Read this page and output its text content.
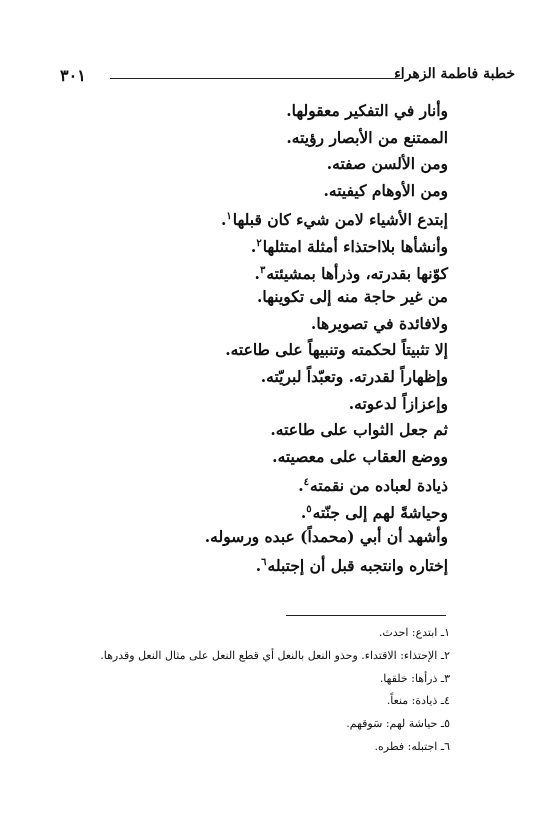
٣٠١	خطبة فاطمة الزهراء
وأنار في التفكير معقولها.
الممتنع من الأبصار رؤيته.
ومن الألسن صفته.
ومن الأوهام كيفيته.
إبتدع الأشياء لامن شيء كان قبلها$^١$.
وأنشأها بلااحتذاء أمثلة امتثلها$^٢$.
كوّنها بقدرته، وذرأها بمشيئته$^٣$.
من غير حاجة منه إلى تكوينها.
ولافائدة في تصويرها.
إلا تثبيتاً لحكمته وتنبيهاً على طاعته.
وإظهاراً لقدرته. وتعبّداً لبريّته.
وإعزازاً لدعوته.
ثم جعل الثواب على طاعته.
ووضع العقاب على معصيته.
ذيادة لعباده من نقمته$^٤$.
وحياشةً لهم إلى جنّته$^٥$.
وأشهد أن أبي (محمداً) عبده ورسوله.
إختاره وانتجبه قبل أن إجتبله$^٦$.
١ـ ابتدع: احدث.
٢ـ الإحتذاء: الاقتداء. وحذو النعل بالنعل أي قطع النعل على مثال النعل وقدرها.
٣ـ ذرأها: خلقها.
٤ـ ذيادة: منعاً.
٥ـ حياشة لهم: سَوقهم.
٦ـ اجتبله: فطره.
